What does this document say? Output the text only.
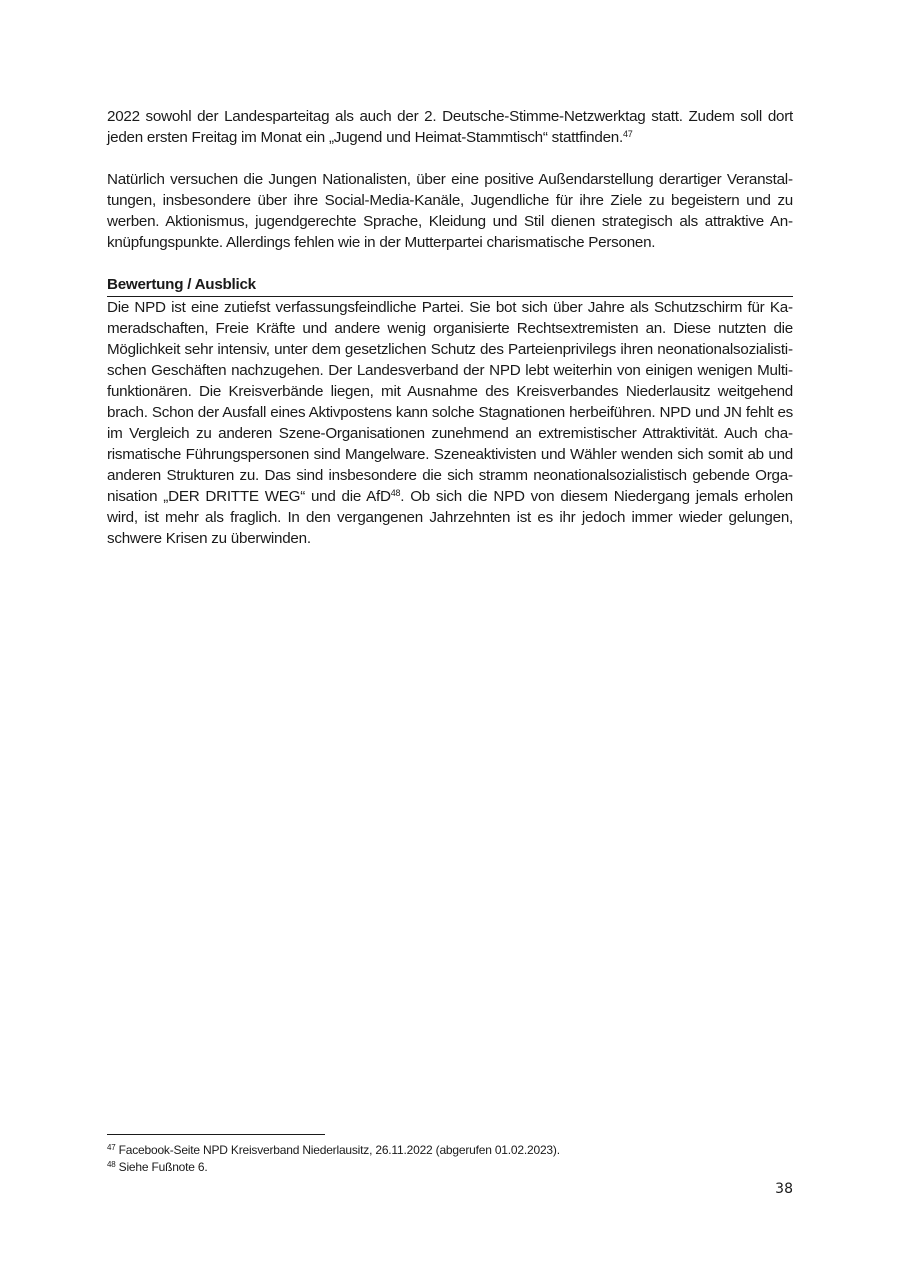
2022 sowohl der Landesparteitag als auch der 2. Deutsche-Stimme-Netzwerktag statt. Zudem soll dort jeden ersten Freitag im Monat ein „Jugend und Heimat-Stammtisch“ stattfinden.$^{47}$

Natürlich versuchen die Jungen Nationalisten, über eine positive Außendarstellung derartiger Veranstaltungen, insbesondere über ihre Social-Media-Kanäle, Jugendliche für ihre Ziele zu begeistern und zu werben. Aktionismus, jugendgerechte Sprache, Kleidung und Stil dienen strategisch als attraktive Anknüpfungspunkte. Allerdings fehlen wie in der Mutterpartei charismatische Personen.

Bewertung / Ausblick

Die NPD ist eine zutiefst verfassungsfeindliche Partei. Sie bot sich über Jahre als Schutzschirm für Kameradschaften, Freie Kräfte und andere wenig organisierte Rechtsextremisten an. Diese nutzten die Möglichkeit sehr intensiv, unter dem gesetzlichen Schutz des Parteienprivilegs ihren neonationalsozialistischen Geschäften nachzugehen. Der Landesverband der NPD lebt weiterhin von einigen wenigen Multifunktionären. Die Kreisverbände liegen, mit Ausnahme des Kreisverbandes Niederlausitz weitgehend brach. Schon der Ausfall eines Aktivpostens kann solche Stagnationen herbeiführen. NPD und JN fehlt es im Vergleich zu anderen Szene-Organisationen zunehmend an extremistischer Attraktivität. Auch charismatische Führungspersonen sind Mangelware. Szeneaktivisten und Wähler wenden sich somit ab und anderen Strukturen zu. Das sind insbesondere die sich stramm neonationalsozialistisch gebende Organisation „DER DRITTE WEG“ und die AfD$^{48}$. Ob sich die NPD von diesem Niedergang jemals erholen wird, ist mehr als fraglich. In den vergangenen Jahrzehnten ist es ihr jedoch immer wieder gelungen, schwere Krisen zu überwinden.

$^{47}$ Facebook-Seite NPD Kreisverband Niederlausitz, 26.11.2022 (abgerufen 01.02.2023).

$^{48}$ Siehe Fußnote 6.

38
